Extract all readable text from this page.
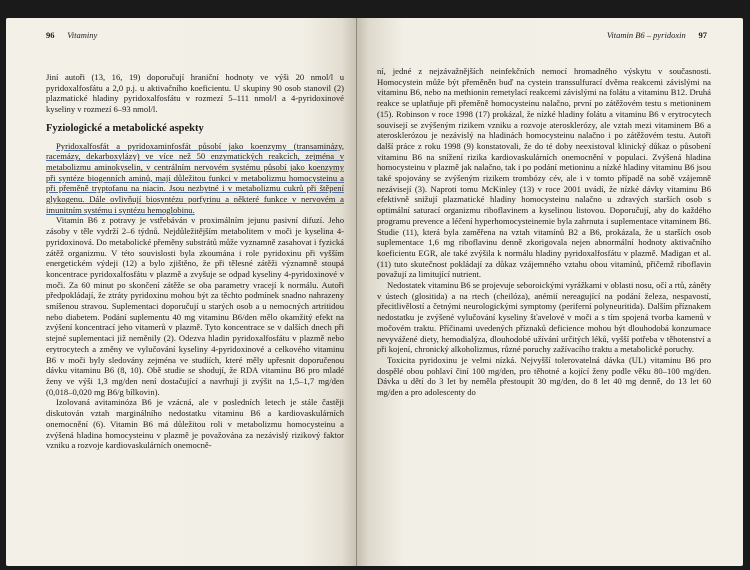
96 Vitaminy

Jiní autoři (13, 16, 19) doporučují hraniční hodnoty ve výši 20 nmol/l u pyridoxalfosfátu a 2,0 p.j. u aktivačního koeficientu. U skupiny 90 osob stanovil (2) plazmatické hladiny pyridoxalfosfátu v rozmezí 5–111 nmol/l a 4-pyridoxinové kyseliny v rozmezí 6–93 nmol/l.

Fyziologické a metabolické aspekty

Pyridoxalfosfát a pyridoxaminfosfát působí jako koenzymy (transaminázy, racemázy, dekarboxylázy) ve více než 50 enzymatických reakcích, zejména v metabolizmu aminokyselin, v centrálním nervovém systému působí jako koenzymy při syntéze biogenních aminů, mají důležitou funkci v metabolizmu homocysteinu a při přeměně tryptofanu na niacin. Jsou nezbytné i v metabolizmu cukrů při štěpení glykogenu. Dále ovlivňují biosyntézu porfyrinu a některé funkce v nervovém a imunitním systému i syntézu hemoglobinu.

Vitamin B6 z potravy je vstřebáván v proximálním jejunu pasivní difuzí. Jeho zásoby v těle vydrží 2–6 týdnů. Nejdůležitějším metabolitem v moči je kyselina 4-pyridoxinová. Do metabolické přeměny substrátů může vyznamně zasahovat i fyzická zátěž organizmu. V této souvislosti byla zkoumána i role pyridoxinu při vyšším energetickém výdeji (12) a bylo zjištěno, že při tělesné zátěži významně stoupá koncentrace pyridoxalfosfátu v plazmě a zvyšuje se odpad kyseliny 4-pyridoxinové v moči. Za 60 minut po skončení zátěže se oba parametry vracejí k normálu. Autoři předpokládají, že ztráty pyridoxinu mohou být za těchto podmínek snadno nahrazeny smíšenou stravou. Suplementaci doporučují u starých osob a u nemocných artritidou nebo diabetem. Podání suplementu 40 mg vitaminu B6/den mělo okamžitý efekt na zvýšení koncentrací jeho vitamerů v plazmě. Tyto koncentrace se v dalších dnech při stejné suplementaci již neměnily (2). Odezva hladin pyridoxalfosfátu v plazmě nebo erytrocytech a změny ve vylučování kyseliny 4-pyridoxinové a celkového vitaminu B6 v moči byly sledovány zejména ve studiích, které měly upřesnit doporučenou dávku vitaminu B6 (8, 10). Obě studie se shodují, že RDA vitaminu B6 pro mladé ženy ve výši 1,3 mg/den není dostačující a navrhují ji zvýšit na 1,5–1,7 mg/den (0,018–0,020 mg B6/g bílkovin).

Izolovaná avitaminóza B6 je vzácná, ale v posledních letech je stále častěji diskutován vztah marginálního nedostatku vitaminu B6 a kardiovaskulárních onemocnění (6). Vitamin B6 má důležitou roli v metabolizmu homocysteinu a zvýšená hladina homocysteinu v plazmě je považována za nezávislý rizikový faktor vzniku a rozvoje kardiovaskulárních onemocně-

Vitamin B6 – pyridoxin 97

ní, jedné z nejzávažnějších neinfekčních nemocí hromadného výskytu v současnosti. Homocystein může být přeměněn buď na cystein transsulfurací dvěma reakcemi závislými na vitaminu B6, nebo na methionin remetylací reakcemi závislými na folátu a vitaminu B12. Druhá reakce se uplatňuje při přeměně homocysteinu nalačno, první po zátěžovém testu s metioninem (15). Robinson v roce 1998 (17) prokázal, že nízké hladiny folátu a vitaminu B6 v erytrocytech souvisejí se zvýšeným rizikem vzniku a rozvoje aterosklerózy, ale vztah mezi vitaminem B6 a aterosklerózou je nezávislý na hladinách homocysteinu nalačno i po zátěžovém testu. Autoři další práce z roku 1998 (9) konstatovali, že do té doby neexistoval klinický důkaz o působení vitaminu B6 na snížení rizika kardiovaskulárních onemocnění v populaci. Zvýšená hladina homocysteinu v plazmě jak nalačno, tak i po podání metioninu a nízké hladiny vitaminu B6 jsou také spojovány se zvýšeným rizikem trombózy cév, ale i v tomto případě na sobě vzájemně nezávisejí (3). Naproti tomu McKinley (13) v roce 2001 uvádí, že nízké dávky vitaminu B6 efektivně snižují plazmatické hladiny homocysteinu nalačno u zdravých starších osob s optimální saturací organizmu riboflavinem a kyselinou listovou. Doporučují, aby do každého programu prevence a léčení hyperhomocysteinemie byla zahrnuta i suplementace vitaminem B6. Studie (11), která byla zaměřena na vztah vitamínů B2 a B6, prokázala, že u starších osob suplementace 1,6 mg riboflavinu denně zkorigovala nejen abnormální hodnoty aktivačního koeficientu EGR, ale také zvýšila k normálu hladiny pyridoxalfosfátu v plazmě. Madigan et al. (11) tuto skutečnost pokládají za důkaz vzájemného vztahu obou vitamínů, přičemž riboflavin považují za limitující nutrient.

Nedostatek vitaminu B6 se projevuje seboroickými vyrážkami v oblasti nosu, očí a rtů, záněty v ústech (glositida) a na rtech (cheilóza), anémií nereagující na podání železa, nespavostí, přecitlivělostí a četnými neurologickými symptomy (periferní polyneuritida). Dalším příznakem nedostatku je zvýšené vylučování kyseliny šťavelové v moči a s tím spojená tvorba kamenů v močovém traktu. Příčinami uvedených příznaků deficience mohou být dlouhodobá konzumace nevyvážené diety, hemodialýza, dlouhodobé užívání určitých léků, vyšší potřeba v těhotenství a při kojení, chronický alkoholizmus, různé poruchy zažívacího traktu a metabolické poruchy.

Toxicita pyridoxinu je velmi nízká. Nejvyšší tolerovatelná dávka (UL) vitaminu B6 pro dospělé obou pohlaví činí 100 mg/den, pro těhotné a kojící ženy podle věku 80–100 mg/den. Dávka u dětí do 3 let by neměla přestoupit 30 mg/den, do 8 let 40 mg denně, do 13 let 60 mg/den a pro adolescenty do
